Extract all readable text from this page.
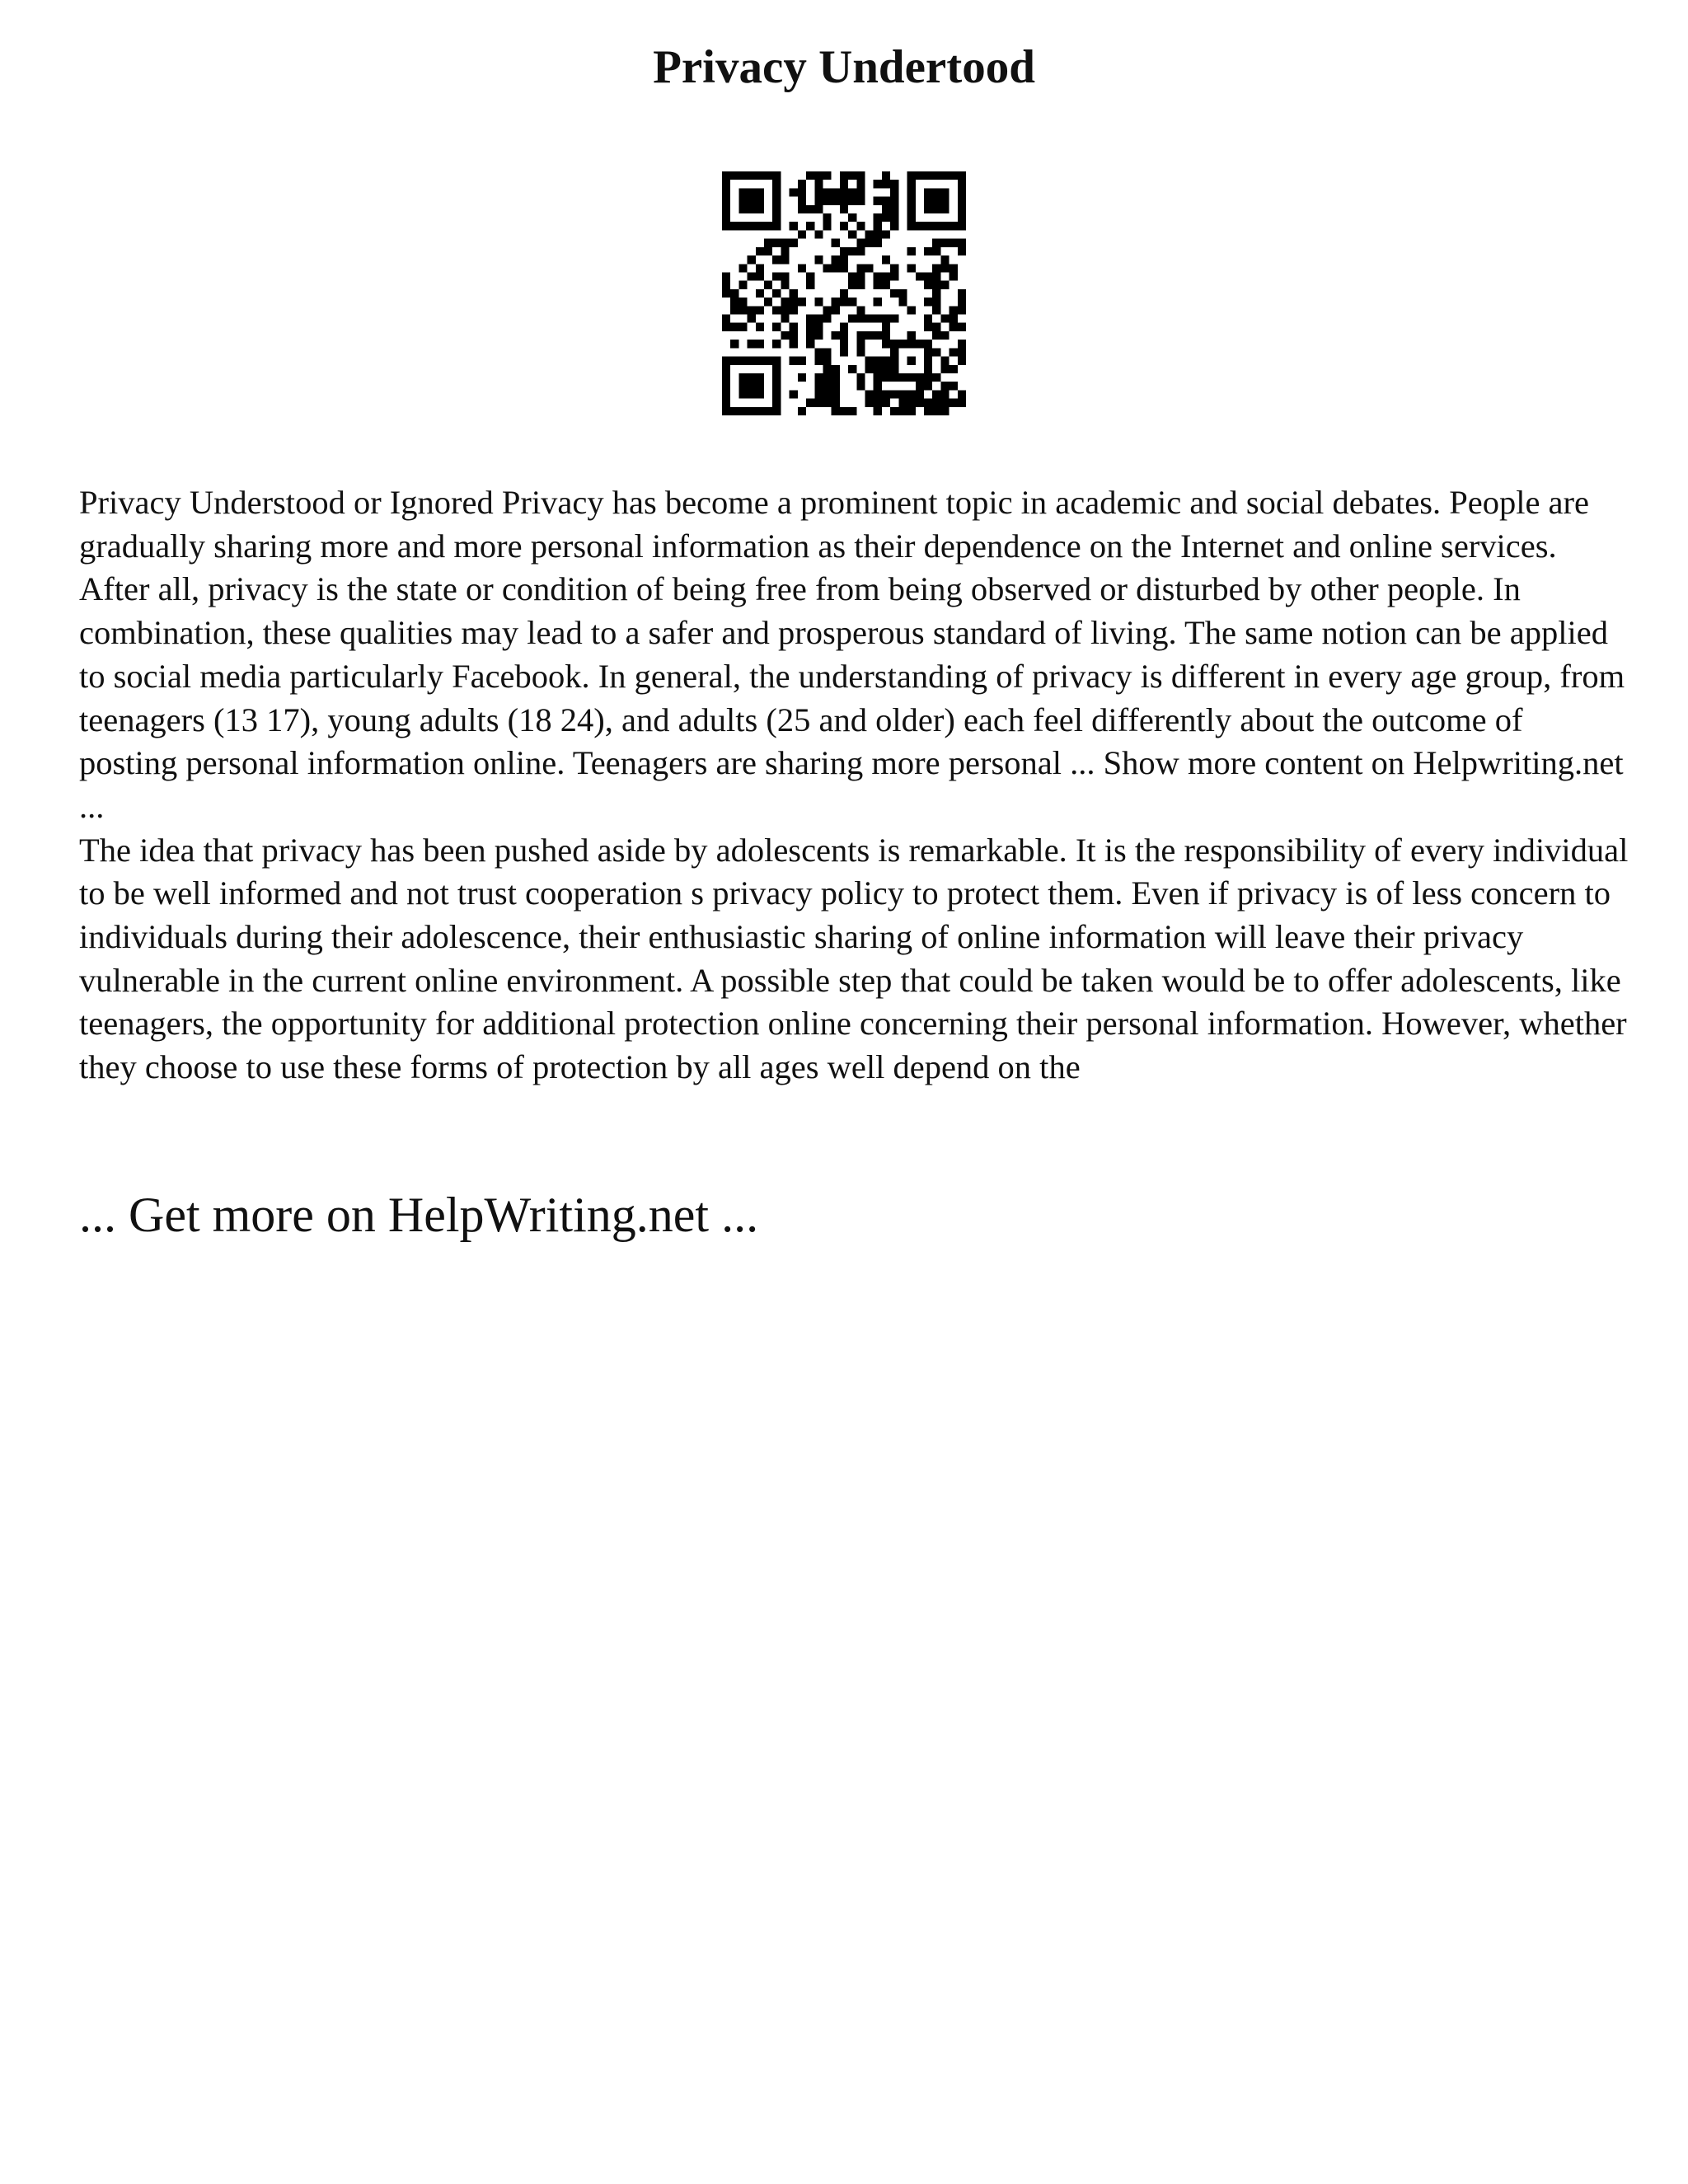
Privacy Undertood

Privacy Understood or Ignored Privacy has become a prominent topic in academic and social debates. People are gradually sharing more and more personal information as their dependence on the Internet and online services. After all, privacy is the state or condition of being free from being observed or disturbed by other people. In combination, these qualities may lead to a safer and prosperous standard of living. The same notion can be applied to social media particularly Facebook. In general, the understanding of privacy is different in every age group, from teenagers (13 17), young adults (18 24), and adults (25 and older) each feel differently about the outcome of posting personal information online. Teenagers are sharing more personal ... Show more content on Helpwriting.net ...

The idea that privacy has been pushed aside by adolescents is remarkable. It is the responsibility of every individual to be well informed and not trust cooperation s privacy policy to protect them. Even if privacy is of less concern to individuals during their adolescence, their enthusiastic sharing of online information will leave their privacy vulnerable in the current online environment. A possible step that could be taken would be to offer adolescents, like teenagers, the opportunity for additional protection online concerning their personal information. However, whether they choose to use these forms of protection by all ages well depend on the

... Get more on HelpWriting.net ...
